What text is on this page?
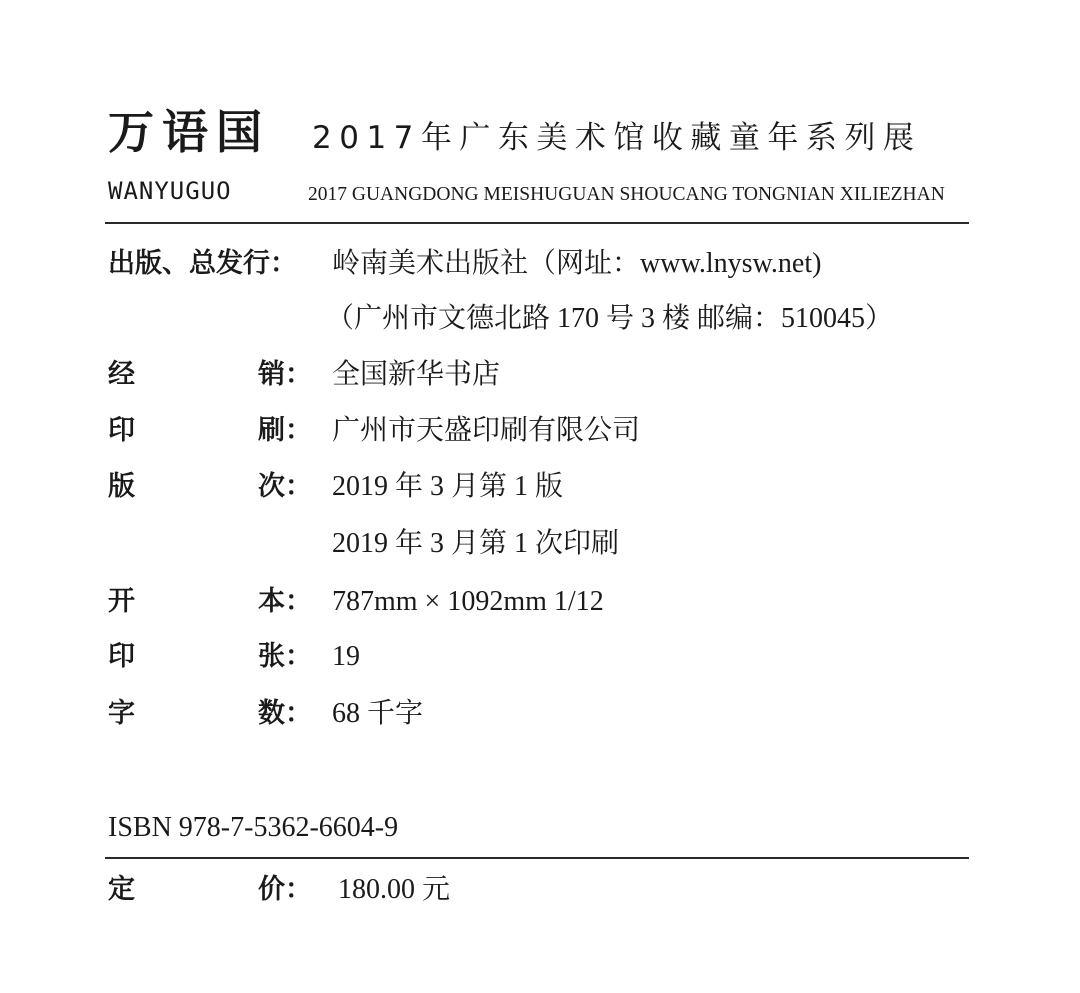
万语国 2017年广东美术馆收藏童年系列展
WANYUGUO	2017 GUANGDONG MEISHUGUAN SHOUCANG TONGNIAN XILIEZHAN
出版、总发行： 岭南美术出版社（网址：www.lnysw.net)
（广州市文德北路 170 号 3 楼 邮编：510045）
经	销： 全国新华书店
印	刷： 广州市天盛印刷有限公司
版	次： 2019 年 3 月第 1 版
2019 年 3 月第 1 次印刷
开	本： 787mm × 1092mm 1/12
印	张： 19
字	数： 68 千字
ISBN 978-7-5362-6604-9
定	价： 180.00 元
